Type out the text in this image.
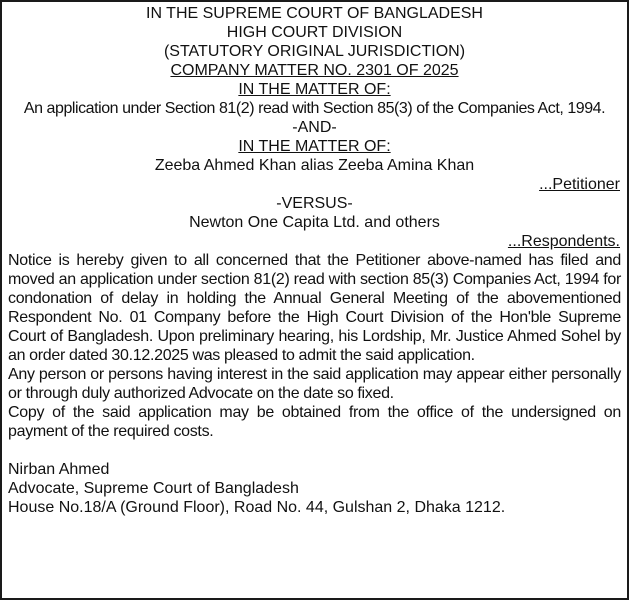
IN THE SUPREME COURT OF BANGLADESH
HIGH COURT DIVISION
(STATUTORY ORIGINAL JURISDICTION)
COMPANY MATTER NO. 2301 OF 2025
IN THE MATTER OF:
An application under Section 81(2) read with Section 85(3) of the Companies Act, 1994.
-AND-
IN THE MATTER OF:
Zeeba Ahmed Khan alias Zeeba Amina Khan
...Petitioner
-VERSUS-
Newton One Capita Ltd. and others
...Respondents.
Notice is hereby given to all concerned that the Petitioner above-named has filed and moved an application under section 81(2) read with section 85(3) Companies Act, 1994 for condonation of delay in holding the Annual General Meeting of the abovementioned Respondent No. 01 Company before the High Court Division of the Hon'ble Supreme Court of Bangladesh. Upon preliminary hearing, his Lordship, Mr. Justice Ahmed Sohel by an order dated 30.12.2025 was pleased to admit the said application.
Any person or persons having interest in the said application may appear either personally or through duly authorized Advocate on the date so fixed.
Copy of the said application may be obtained from the office of the undersigned on payment of the required costs.
Nirban Ahmed
Advocate, Supreme Court of Bangladesh
House No.18/A (Ground Floor), Road No. 44, Gulshan 2, Dhaka 1212.
